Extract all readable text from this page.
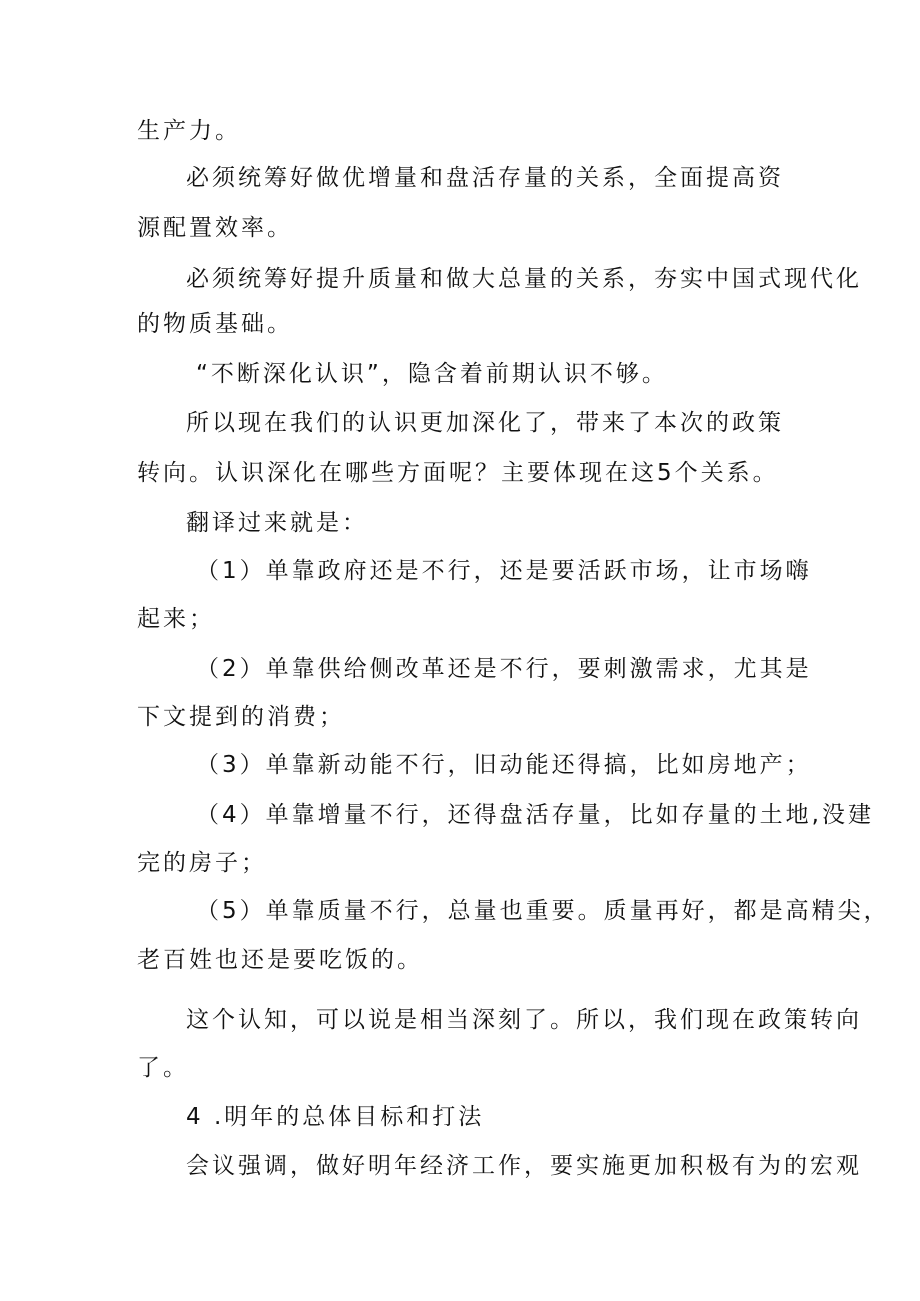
生产力。
必须统筹好做优增量和盘活存量的关系，全面提高资
源配置效率。
必须统筹好提升质量和做大总量的关系，夯实中国式现代化
的物质基础。
“不断深化认识”，隐含着前期认识不够。
所以现在我们的认识更加深化了，带来了本次的政策
转向。认识深化在哪些方面呢？主要体现在这5个关系。
翻译过来就是：
（1）单靠政府还是不行，还是要活跃市场，让市场嗨
起来；
（2）单靠供给侧改革还是不行，要刺激需求，尤其是
下文提到的消费；
（3）单靠新动能不行，旧动能还得搞，比如房地产；
（4）单靠增量不行，还得盘活存量，比如存量的土地,没建
完的房子；
（5）单靠质量不行，总量也重要。质量再好，都是高精尖，
老百姓也还是要吃饭的。
这个认知，可以说是相当深刻了。所以，我们现在政策转向
了。
4 .明年的总体目标和打法
会议强调，做好明年经济工作，要实施更加积极有为的宏观
